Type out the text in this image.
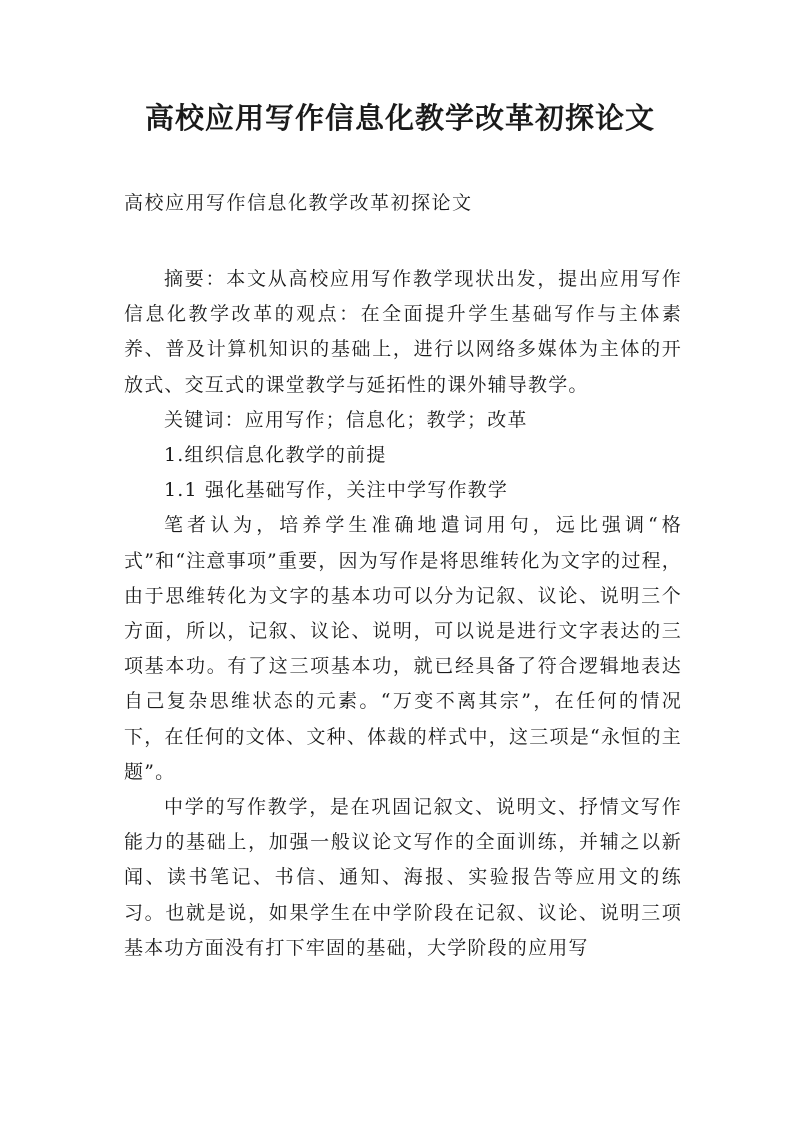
高校应用写作信息化教学改革初探论文

高校应用写作信息化教学改革初探论文

摘要：本文从高校应用写作教学现状出发，提出应用写作信息化教学改革的观点：在全面提升学生基础写作与主体素养、普及计算机知识的基础上，进行以网络多媒体为主体的开放式、交互式的课堂教学与延拓性的课外辅导教学。

关键词：应用写作；信息化；教学；改革

1.组织信息化教学的前提

1.1 强化基础写作，关注中学写作教学

笔者认为，培养学生准确地遣词用句，远比强调“格式”和“注意事项”重要，因为写作是将思维转化为文字的过程，由于思维转化为文字的基本功可以分为记叙、议论、说明三个方面，所以，记叙、议论、说明，可以说是进行文字表达的三项基本功。有了这三项基本功，就已经具备了符合逻辑地表达自己复杂思维状态的元素。“万变不离其宗”，在任何的情况下，在任何的文体、文种、体裁的样式中，这三项是“永恒的主题”。

中学的写作教学，是在巩固记叙文、说明文、抒情文写作能力的基础上，加强一般议论文写作的全面训练，并辅之以新闻、读书笔记、书信、通知、海报、实验报告等应用文的练习。也就是说，如果学生在中学阶段在记叙、议论、说明三项基本功方面没有打下牢固的基础，大学阶段的应用写
